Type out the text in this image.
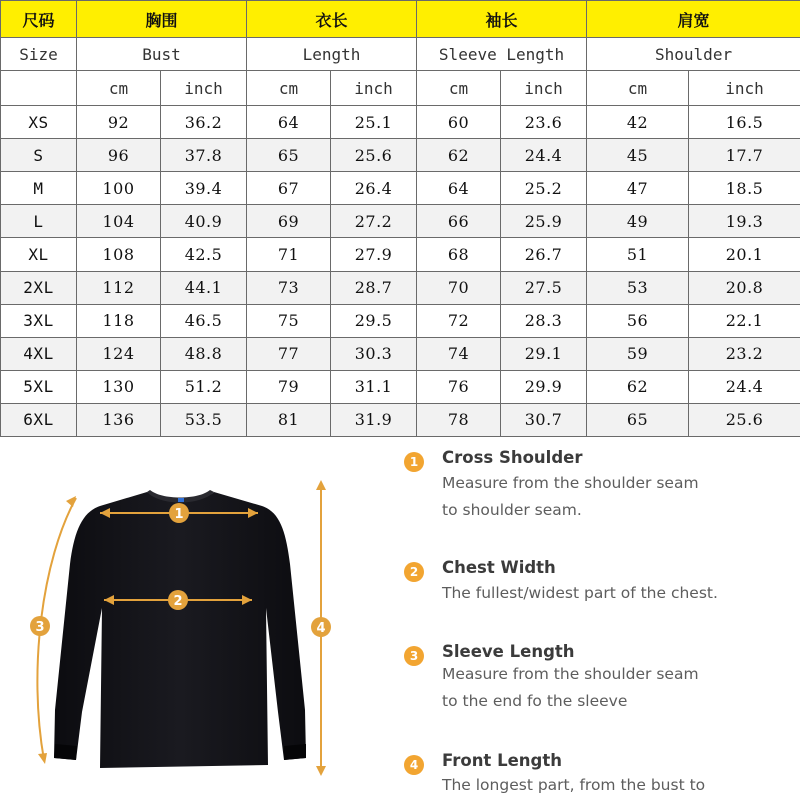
尺码	胸围		衣长		袖长		肩宽	
Size	Bust		Length		Sleeve Length		Shoulder	
	cm	inch	cm	inch	cm	inch	cm	inch
XS	92	36.2	64	25.1	60	23.6	42	16.5
S	96	37.8	65	25.6	62	24.4	45	17.7
M	100	39.4	67	26.4	64	25.2	47	18.5
L	104	40.9	69	27.2	66	25.9	49	19.3
XL	108	42.5	71	27.9	68	26.7	51	20.1
2XL	112	44.1	73	28.7	70	27.5	53	20.8
3XL	118	46.5	75	29.5	72	28.3	56	22.1
4XL	124	48.8	77	30.3	74	29.1	59	23.2
5XL	130	51.2	79	31.1	76	29.9	62	24.4
6XL	136	53.5	81	31.9	78	30.7	65	25.6
1
2
3	4
1	Cross Shoulder
Measure from the shoulder seam
to shoulder seam.
2	Chest Width
The fullest/widest part of the chest.
3	Sleeve Length
Measure from the shoulder seam
to the end fo the sleeve
4	Front Length
The longest part, from the bust to
